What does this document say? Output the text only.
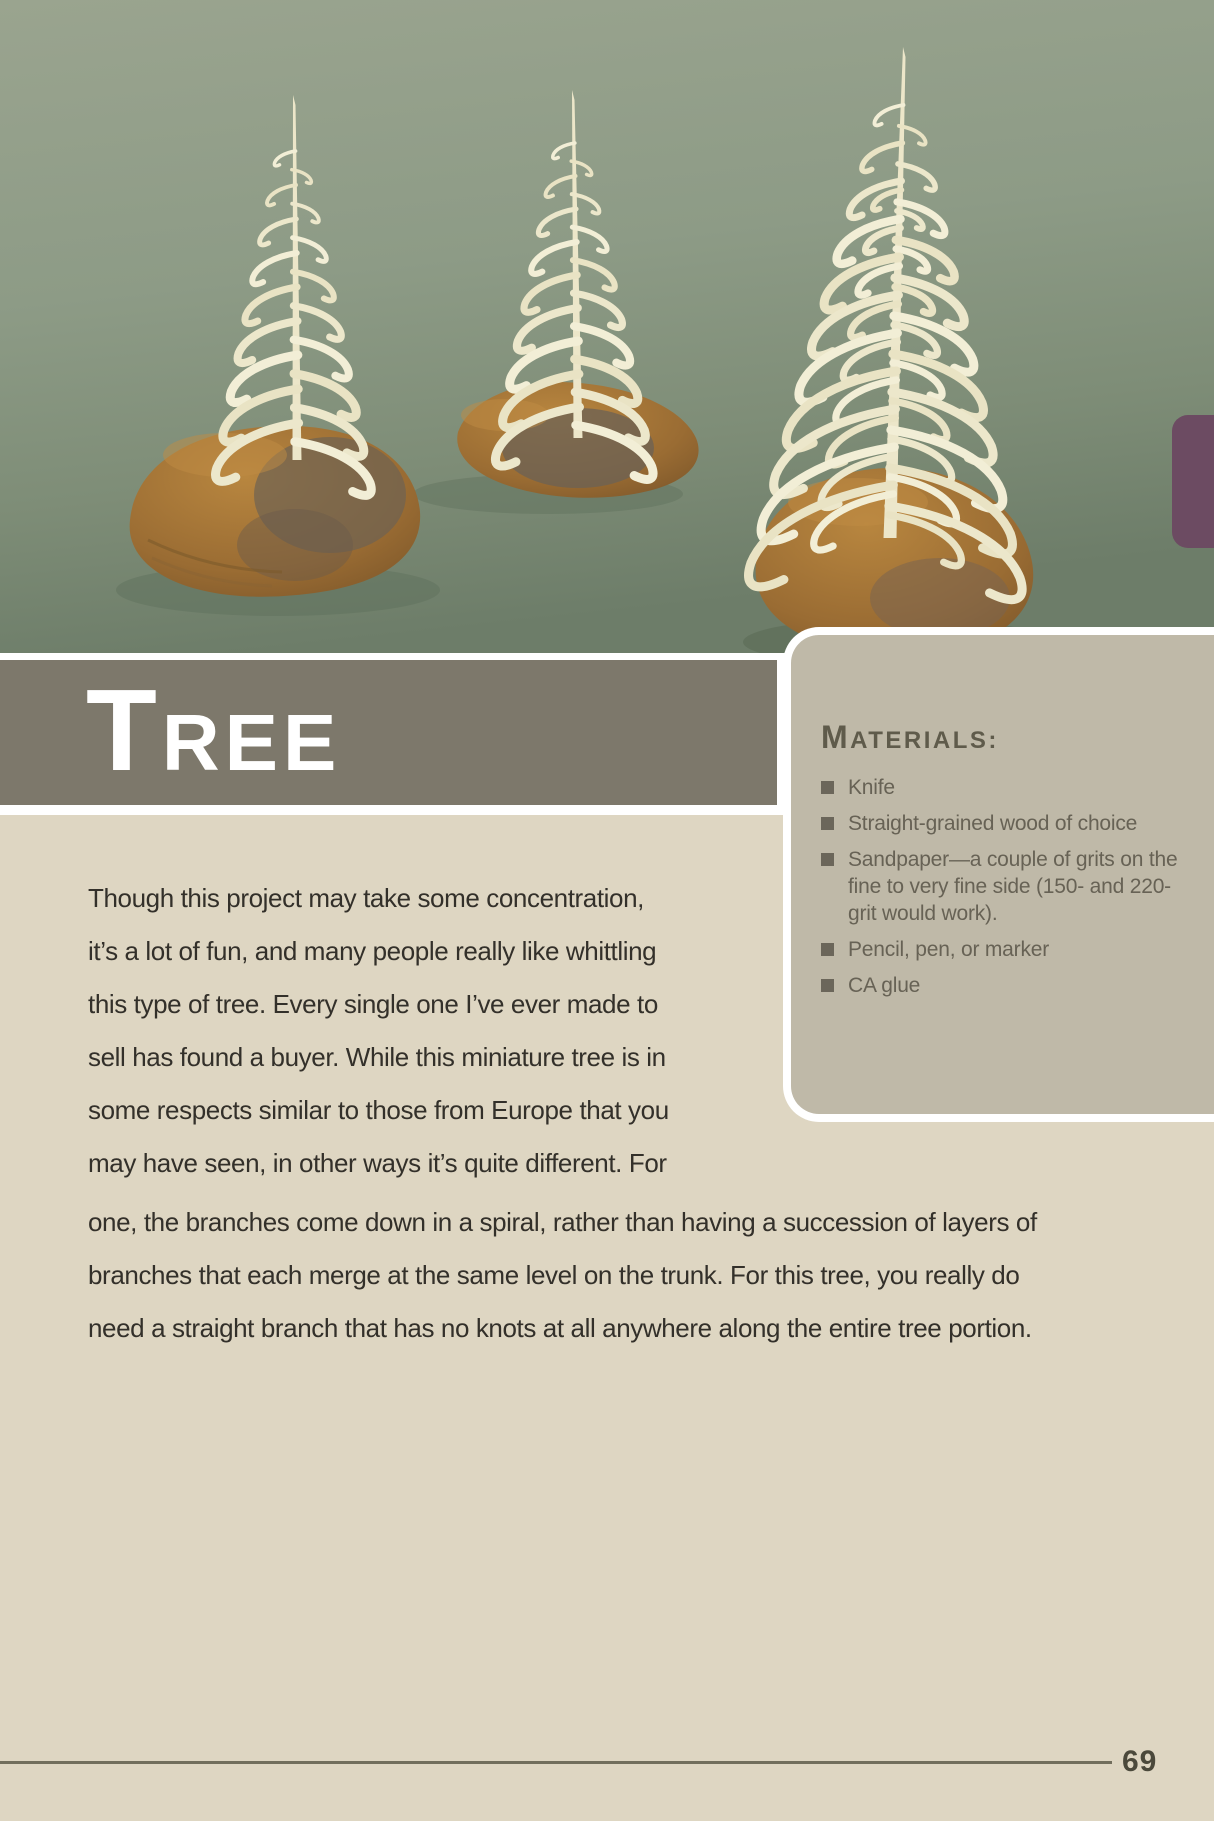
TREE	MATERIALS:
Knife
Straight-grained wood of choice
Sandpaper—a couple of grits on the fine to very fine side (150- and 220-grit would work).
Pencil, pen, or marker
CA glue
Though this project may take some concentration,
it’s a lot of fun, and many people really like whittling
this type of tree. Every single one I’ve ever made to
sell has found a buyer. While this miniature tree is in
some respects similar to those from Europe that you
may have seen, in other ways it’s quite different. For
one, the branches come down in a spiral, rather than having a succession of layers of
branches that each merge at the same level on the trunk. For this tree, you really do
need a straight branch that has no knots at all anywhere along the entire tree portion.
69
